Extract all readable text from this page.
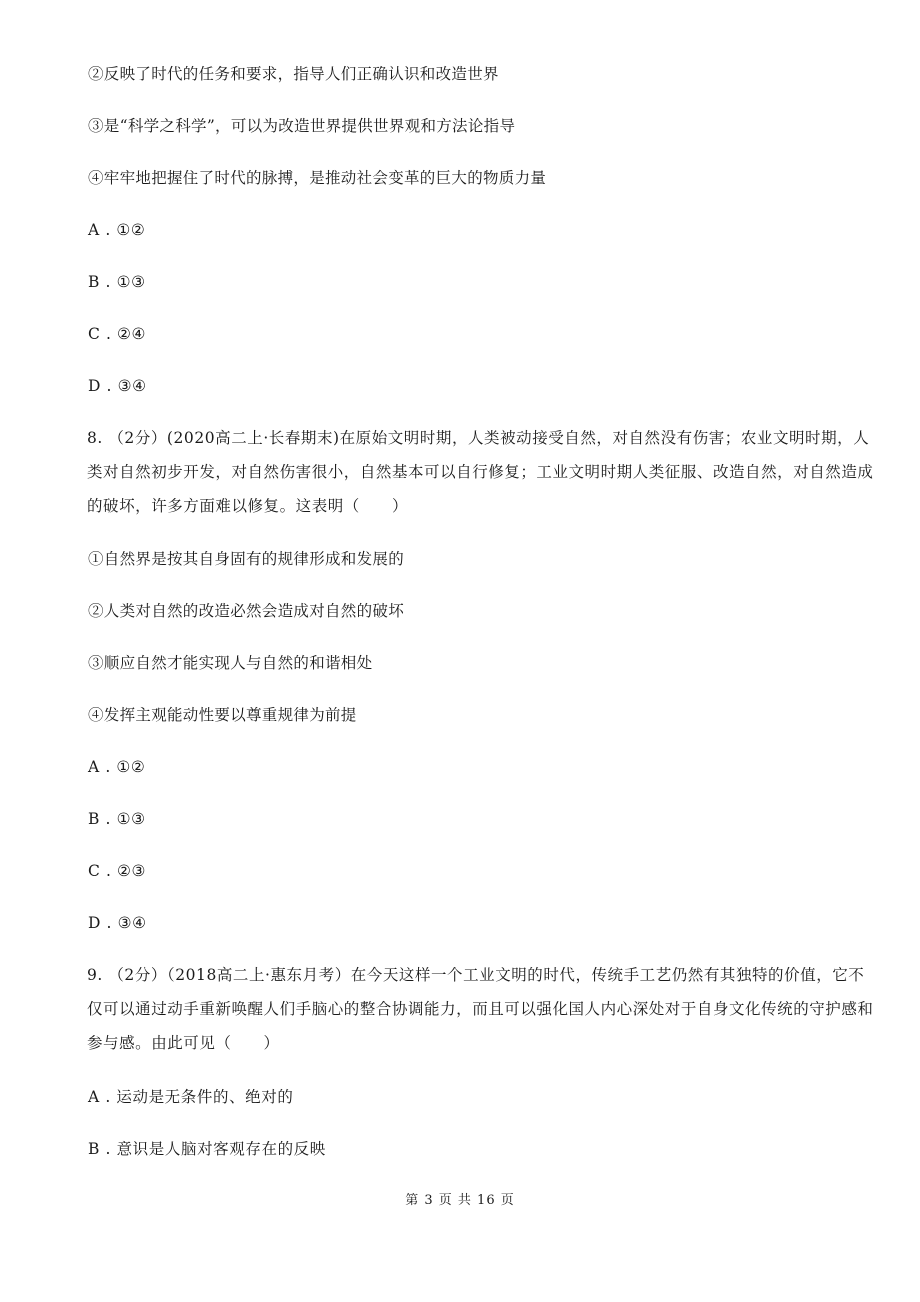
②反映了时代的任务和要求，指导人们正确认识和改造世界
③是“科学之科学”，可以为改造世界提供世界观和方法论指导
④牢牢地把握住了时代的脉搏，是推动社会变革的巨大的物质力量
A . ①②
B . ①③
C . ②④
D . ③④
8. （2分）(2020高二上·长春期末)在原始文明时期，人类被动接受自然，对自然没有伤害；农业文明时期，人类对自然初步开发，对自然伤害很小，自然基本可以自行修复；工业文明时期人类征服、改造自然，对自然造成的破坏，许多方面难以修复。这表明（　　）
①自然界是按其自身固有的规律形成和发展的
②人类对自然的改造必然会造成对自然的破坏
③顺应自然才能实现人与自然的和谐相处
④发挥主观能动性要以尊重规律为前提
A . ①②
B . ①③
C . ②③
D . ③④
9. （2分）（2018高二上·惠东月考）在今天这样一个工业文明的时代，传统手工艺仍然有其独特的价值，它不仅可以通过动手重新唤醒人们手脑心的整合协调能力，而且可以强化国人内心深处对于自身文化传统的守护感和参与感。由此可见（　　）
A . 运动是无条件的、绝对的
B . 意识是人脑对客观存在的反映
第 3 页 共 16 页
